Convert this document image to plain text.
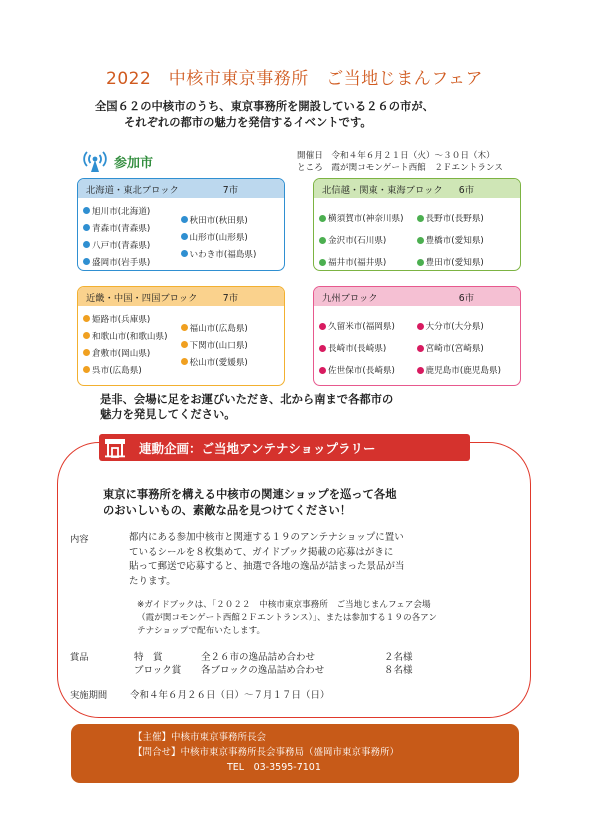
2022　中核市東京事務所　ご当地じまんフェア
全国６２の中核市のうち、東京事務所を開設している２６の市が、
それぞれの都市の魅力を発信するイベントです。
参加市	開催日　 令和４年６月２１日（火）～３０日（木）
ところ　 霞が関コモンゲート西館　２Ｆエントランス
北海道・東北ブロック	7市
旭川市(北海道)
青森市(青森県)
八戸市(青森県)
盛岡市(岩手県)
秋田市(秋田県)
山形市(山形県)
いわき市(福島県)
北信越・関東・東海ブロック 6市
横須賀市(神奈川県)
金沢市(石川県)
福井市(福井県)
長野市(長野県)
豊橋市(愛知県)
豊田市(愛知県)
近畿・中国・四国ブロック	7市
姫路市(兵庫県)
和歌山市(和歌山県)
倉敷市(岡山県)
呉市(広島県)
福山市(広島県)
下関市(山口県)
松山市(愛媛県)
九州ブロック	6市
久留米市(福岡県)
長崎市(長崎県)
佐世保市(長崎県)
大分市(大分県)
宮崎市(宮崎県)
鹿児島市(鹿児島県)
是非、会場に足をお運びいただき、北から南まで各都市の
魅力を発見してください。
連動企画：ご当地アンテナショップラリー
東京に事務所を構える中核市の関連ショップを巡って各地
のおいしいもの、素敵な品を見つけてください！
内容	都内にある参加中核市と関連する１９のアンテナショップに置い
ているシールを８枚集めて、ガイドブック掲載の応募はがきに
貼って郵送で応募すると、抽選で各地の逸品が詰まった景品が当
たります。
※ガイドブックは、「２０２２　中核市東京事務所　ご当地じまんフェア会場
（霞が関コモンゲート西館２Ｆエントランス）」、または参加する１９の各アン
テナショップで配布いたします。
賞品	特　賞	全２６市の逸品詰め合わせ	２名様
ブロック賞	各ブロックの逸品詰め合わせ	８名様
実施期間 令和４年６月２６日（日）～７月１７日（日）
【主催】中核市東京事務所長会
【問合せ】中核市東京事務所長会事務局（盛岡市東京事務所）
TEL　03-3595-7101
